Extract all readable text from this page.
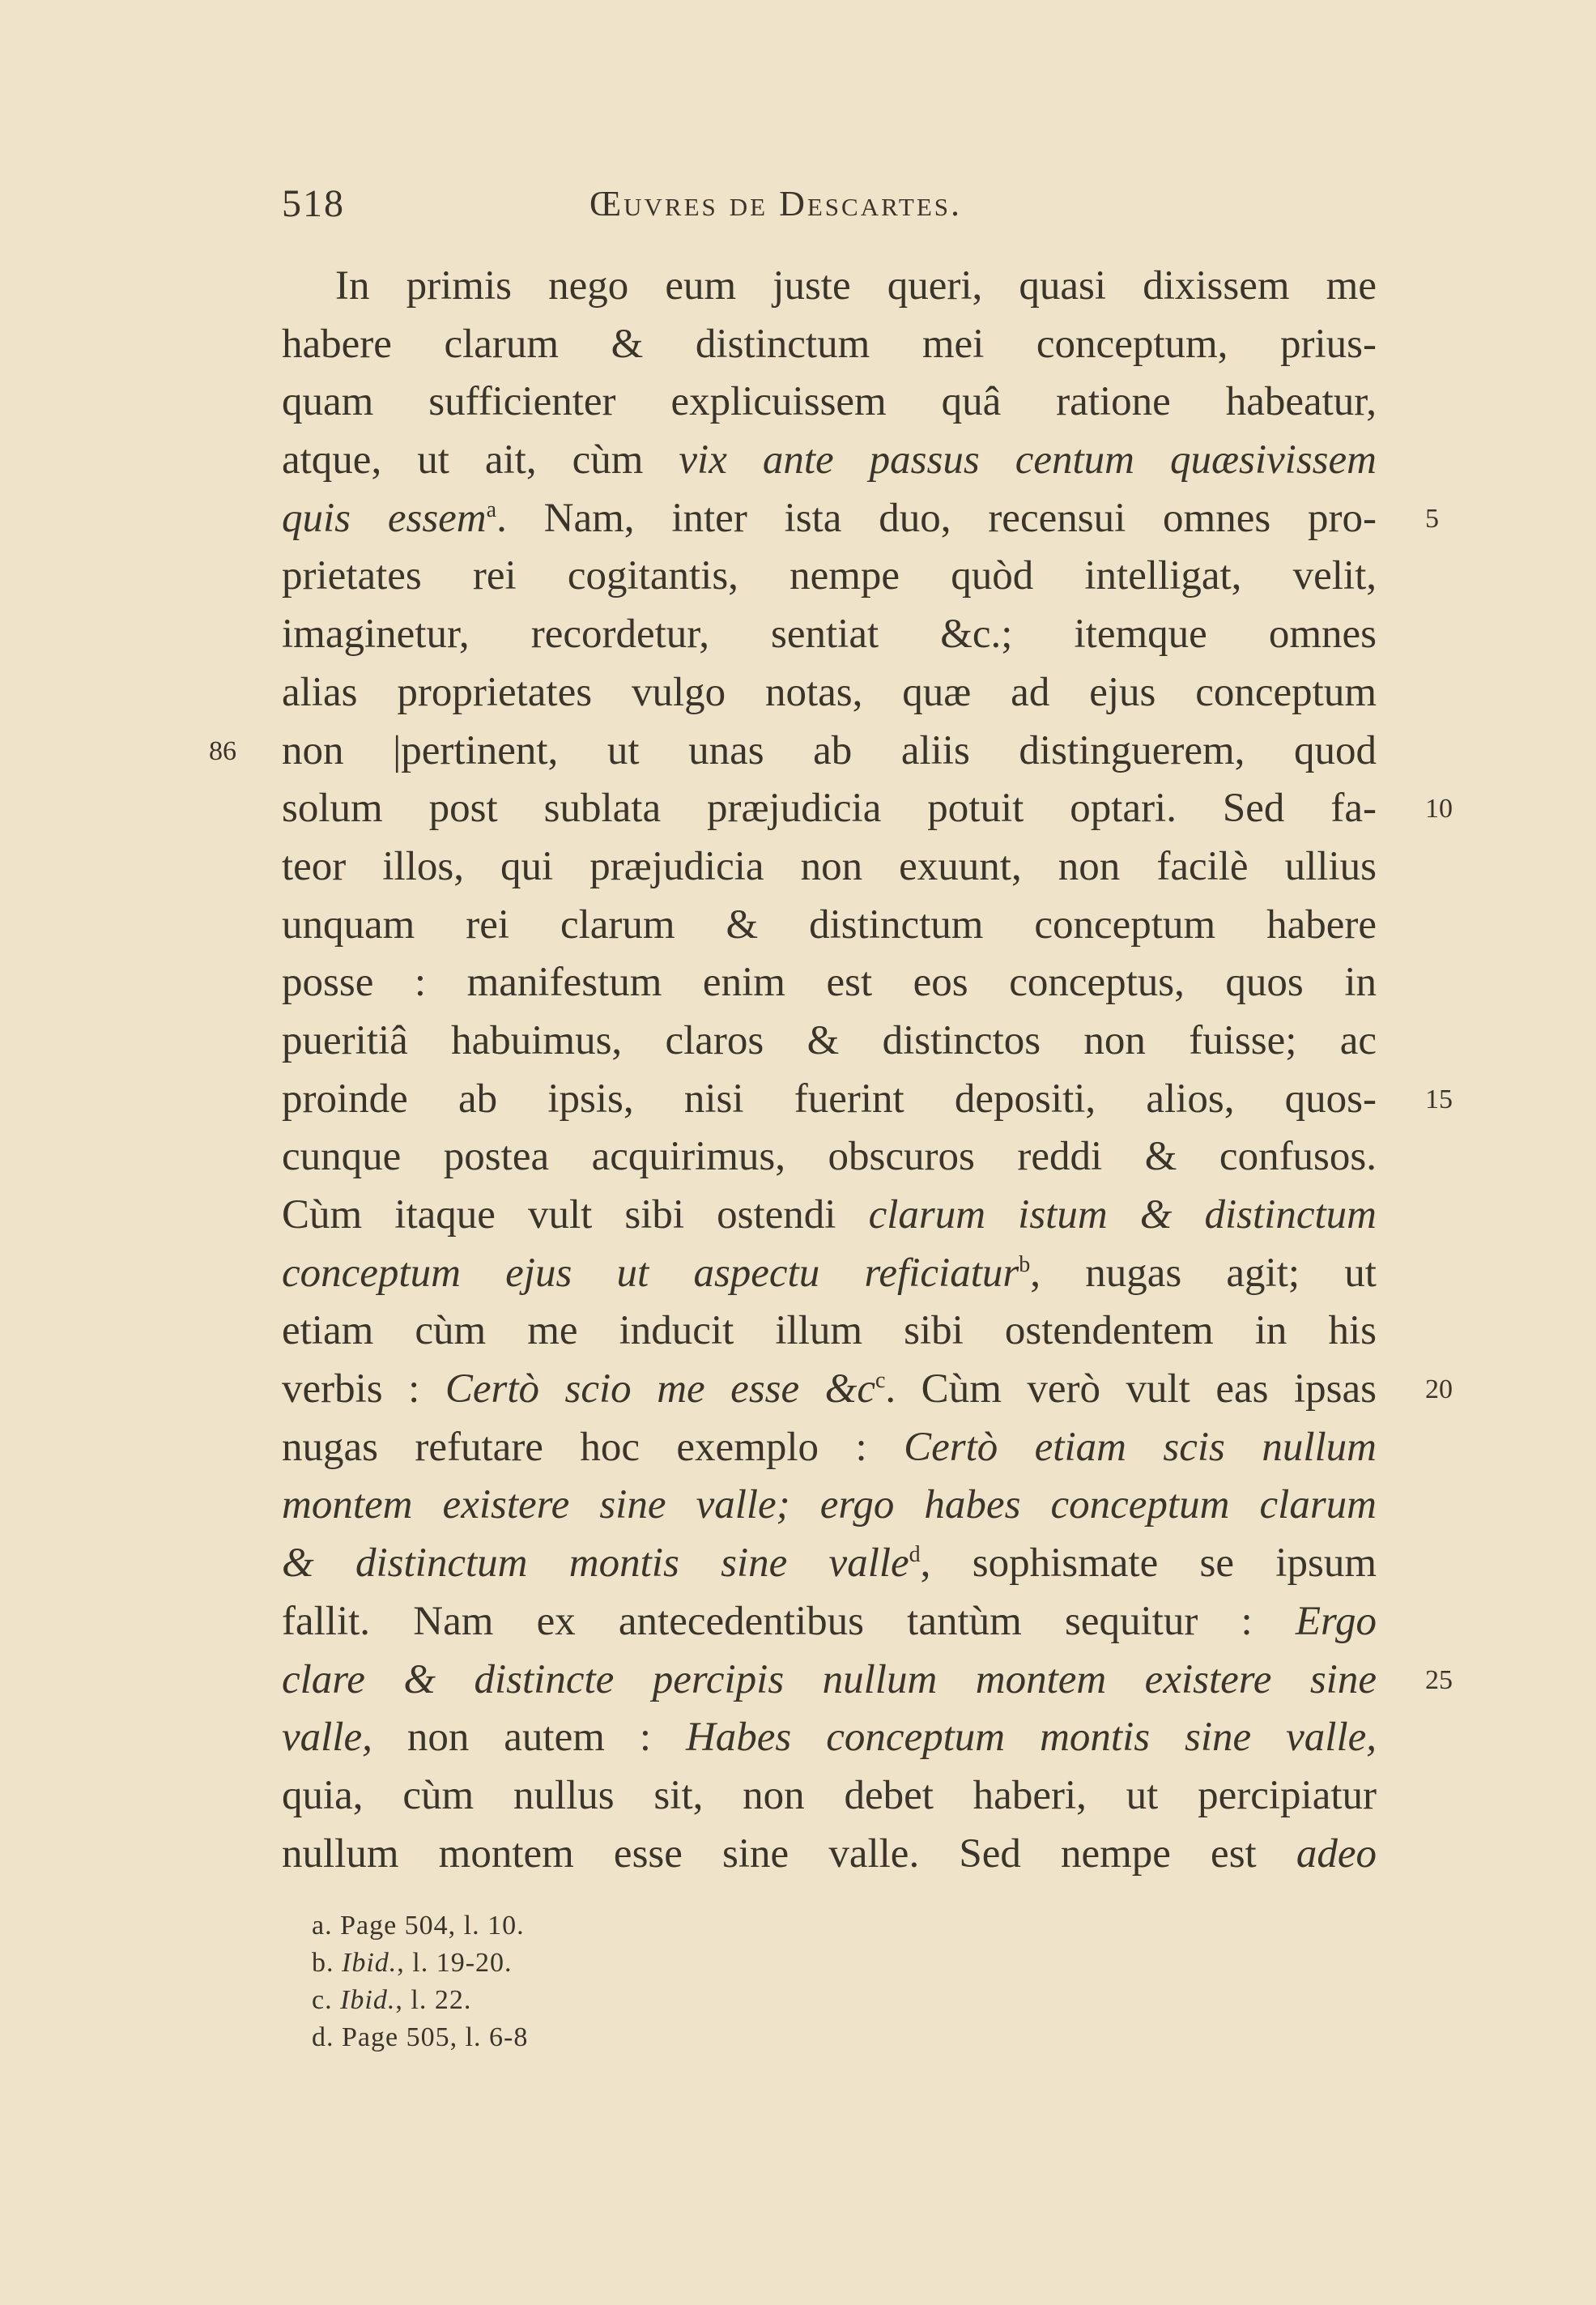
518	Œuvres de Descartes.
In primis nego eum juste queri, quasi dixissem me
habere clarum & distinctum mei conceptum, prius-
quam sufficienter explicuissem quâ ratione habeatur,
atque, ut ait, cùm vix ante passus centum quæsivissem
quis essem$^a$. Nam, inter ista duo, recensui omnes pro-
prietates rei cogitantis, nempe quòd intelligat, velit,
imaginetur, recordetur, sentiat &c.; itemque omnes
alias proprietates vulgo notas, quæ ad ejus conceptum
non |pertinent, ut unas ab aliis distinguerem, quod
solum post sublata præjudicia potuit optari. Sed fa-
teor illos, qui præjudicia non exuunt, non facilè ullius
unquam rei clarum & distinctum conceptum habere
posse : manifestum enim est eos conceptus, quos in
pueritiâ habuimus, claros & distinctos non fuisse; ac
proinde ab ipsis, nisi fuerint depositi, alios, quos-
cunque postea acquirimus, obscuros reddi & confusos.
Cùm itaque vult sibi ostendi clarum istum & distinctum
conceptum ejus ut aspectu reficiatur$^b$, nugas agit; ut
etiam cùm me inducit illum sibi ostendentem in his
verbis : Certò scio me esse $\&c^c$. Cùm verò vult eas ipsas
nugas refutare hoc exemplo : Certò etiam scis nullum
montem existere sine valle; ergo habes conceptum clarum
& distinctum montis sine valle$^d$, sophismate se ipsum
fallit. Nam ex antecedentibus tantùm sequitur : Ergo
clare & distincte percipis nullum montem existere sine
valle, non autem : Habes conceptum montis sine valle,
quia, cùm nullus sit, non debet haberi, ut percipiatur
nullum montem esse sine valle. Sed nempe est adeo
5
10
15
20
25
86
a. Page 504, l. 10.
b. Ibid., l. 19-20.
c. Ibid., l. 22.
d. Page 505, l. 6-8
